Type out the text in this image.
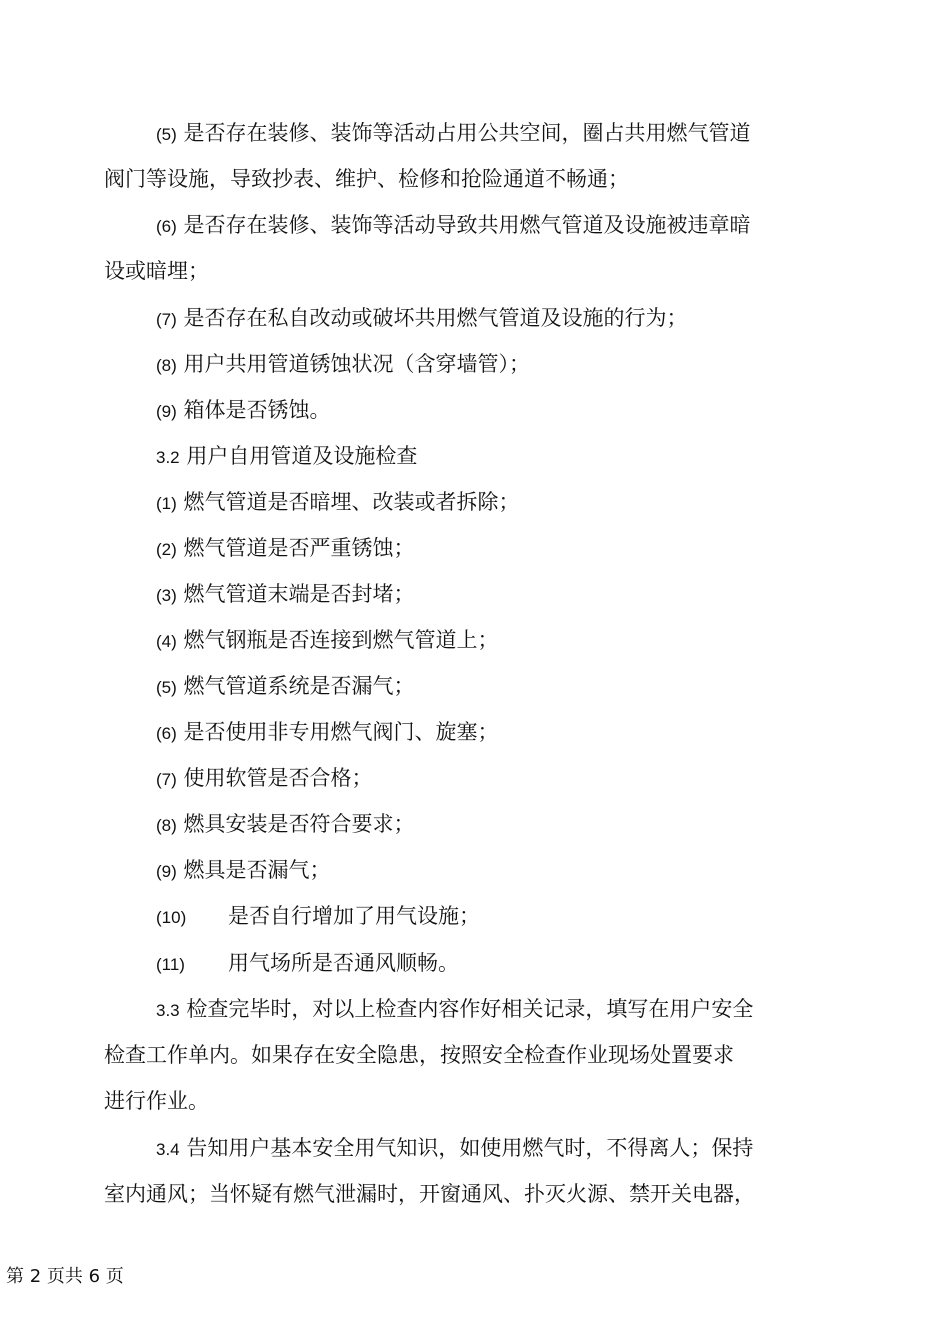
(5) 是否存在装修、装饰等活动占用公共空间，圈占共用燃气管道
阀门等设施，导致抄表、维护、检修和抢险通道不畅通；
(6) 是否存在装修、装饰等活动导致共用燃气管道及设施被违章暗
设或暗埋；
(7) 是否存在私自改动或破坏共用燃气管道及设施的行为；
(8) 用户共用管道锈蚀状况（含穿墙管）；
(9) 箱体是否锈蚀。
3.2 用户自用管道及设施检查
(1) 燃气管道是否暗埋、改装或者拆除；
(2) 燃气管道是否严重锈蚀；
(3) 燃气管道末端是否封堵；
(4) 燃气钢瓶是否连接到燃气管道上；
(5) 燃气管道系统是否漏气；
(6) 是否使用非专用燃气阀门、旋塞；
(7) 使用软管是否合格；
(8) 燃具安装是否符合要求；
(9) 燃具是否漏气；
(10) 是否自行增加了用气设施；
(11) 用气场所是否通风顺畅。
3.3 检查完毕时，对以上检查内容作好相关记录，填写在用户安全
检查工作单内。如果存在安全隐患，按照安全检查作业现场处置要求
进行作业。
3.4 告知用户基本安全用气知识，如使用燃气时，不得离人；保持
室内通风；当怀疑有燃气泄漏时，开窗通风、扑灭火源、禁开关电器，
第 2 页共 6 页
